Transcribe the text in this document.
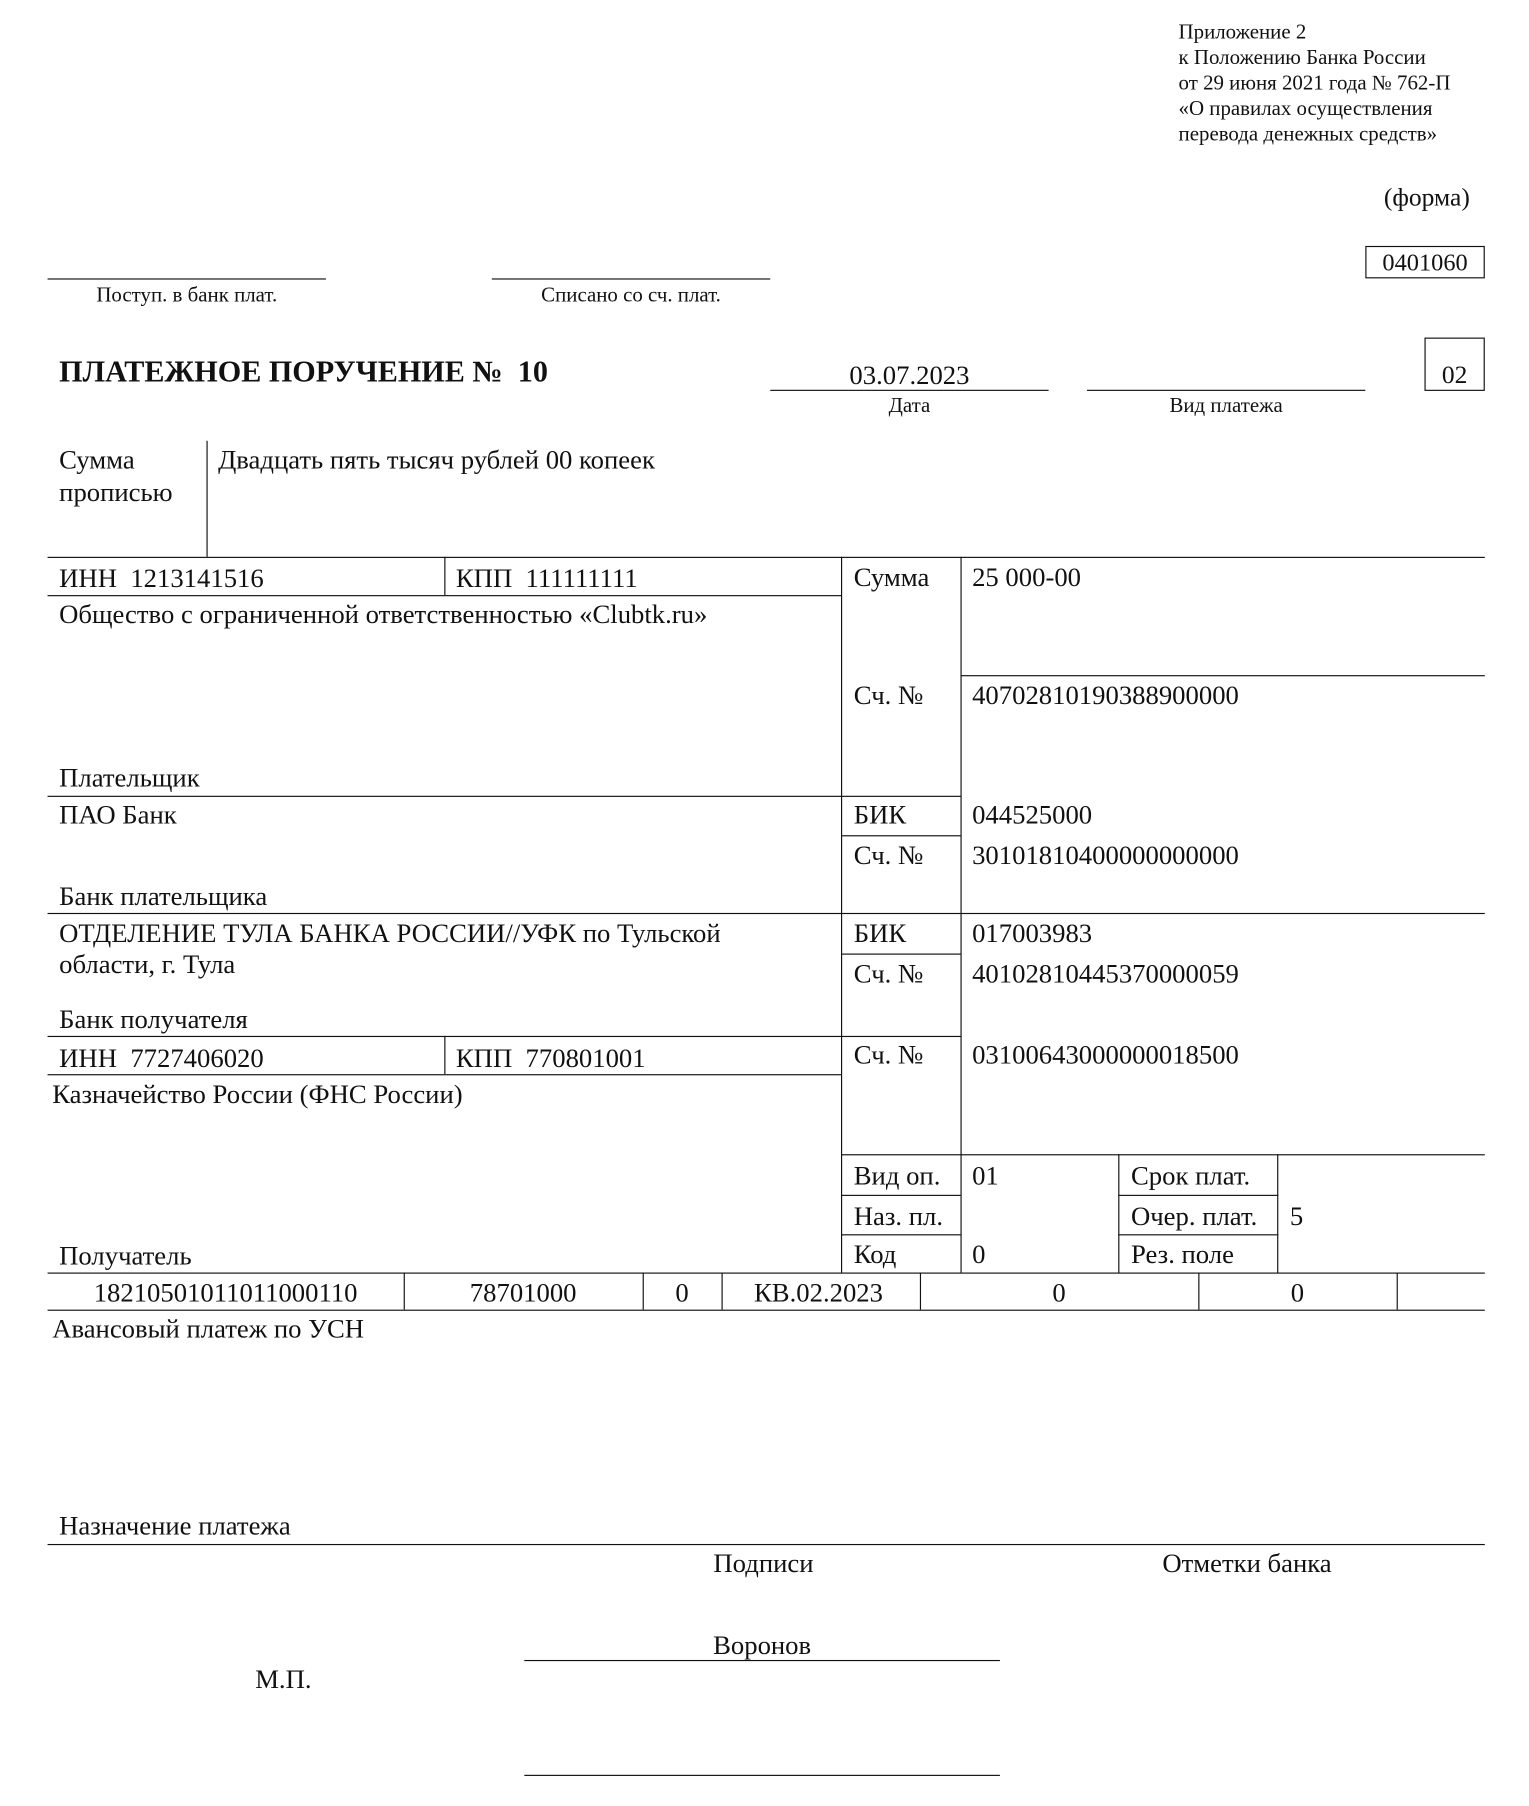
Приложение 2
к Положению Банка России
от 29 июня 2021 года № 762-П
«О правилах осуществления
перевода денежных средств»
(форма)
0401060
Поступ. в банк плат.	Списано со сч. плат.
ПЛАТЕЖНОЕ ПОРУЧЕНИЕ № 10	03.07.2023
Дата	Вид платежа
02
Сумма
прописью
Двадцать пять тысяч рублей 00 копеек
ИНН 1213141516	КПП 111111111
Общество с ограниченной ответственностью «Clubtk.ru»
Плательщик
Сумма 25 000-00
Сч. № 40702810190388900000
ПАО Банк
Банк плательщика
БИК	044525000
Сч. № 30101810400000000000
ОТДЕЛЕНИЕ ТУЛА БАНКА РОССИИ//УФК по Тульской
области, г. Тула
Банк получателя
БИК	017003983
Сч. № 40102810445370000059
ИНН 7727406020	КПП 770801001
Казначейство России (ФНС России)
Получатель
Сч. № 03100643000000018500
Вид оп. 01
Наз. пл.
Код	0
Срок плат.
Очер. плат. 5
Рез. поле
18210501011011000110	78701000	0	КВ.02.2023	0	0
Авансовый платеж по УСН
Назначение платежа
Подписи	Отметки банка
Воронов
М.П.
